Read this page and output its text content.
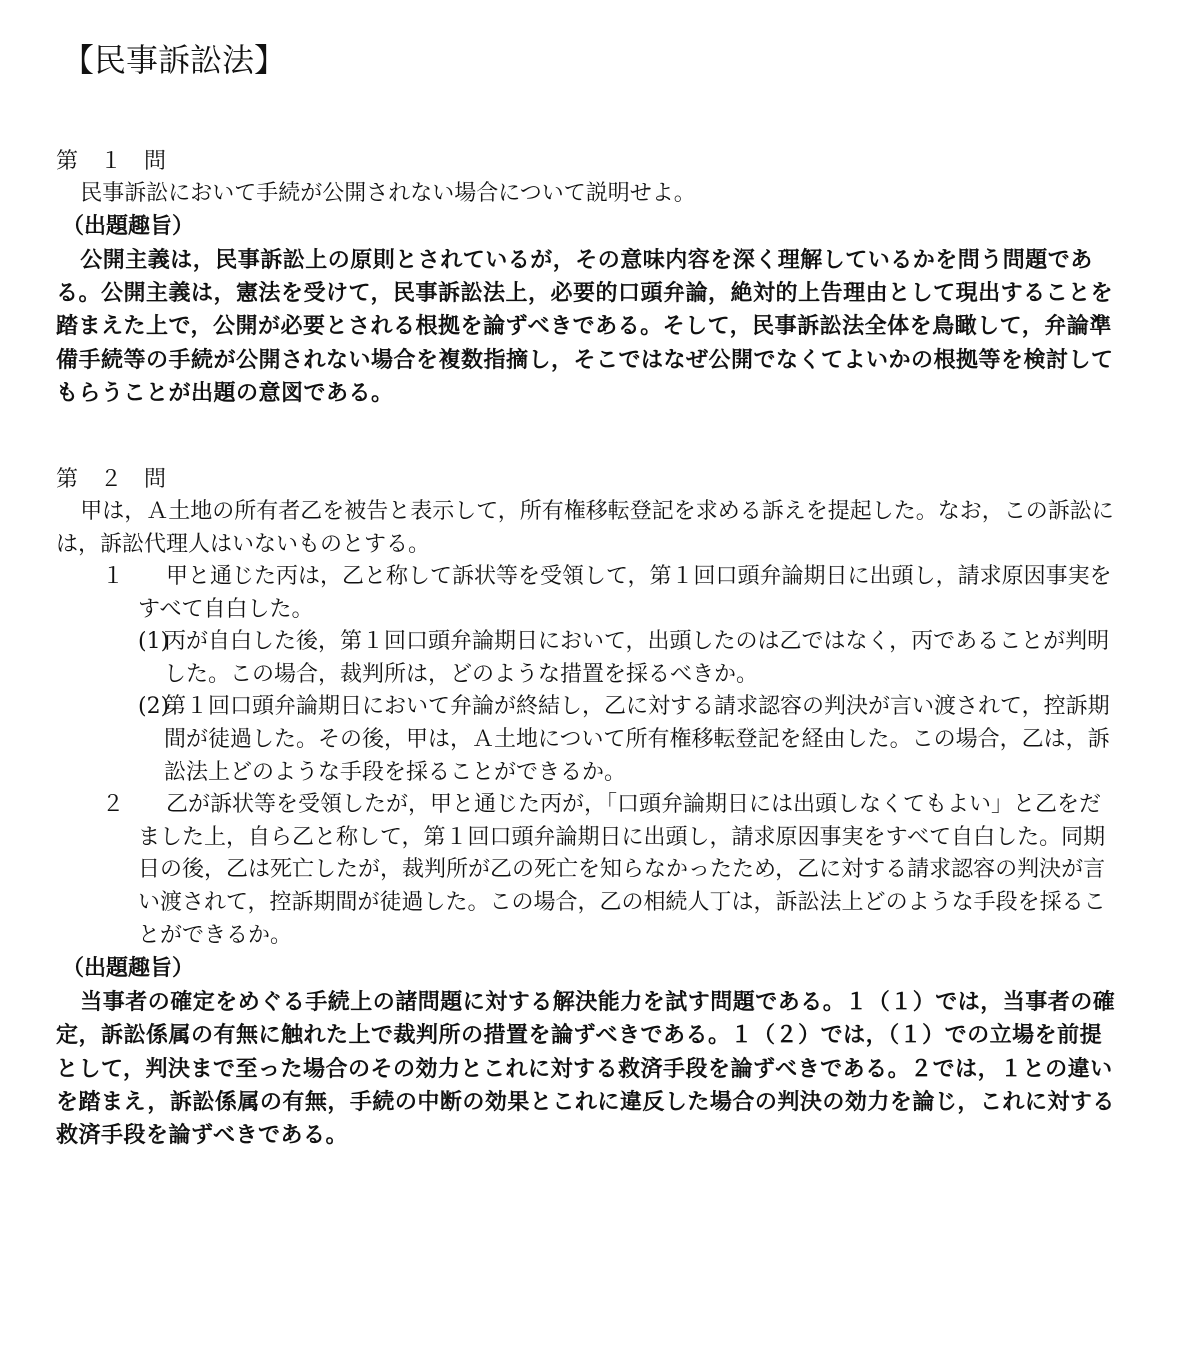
【民事訴訟法】

第　１　問

民事訴訟において手続が公開されない場合について説明せよ。

（出題趣旨）

公開主義は，民事訴訟上の原則とされているが，その意味内容を深く理解しているかを問う問題である。公開主義は，憲法を受けて，民事訴訟法上，必要的口頭弁論，絶対的上告理由として現出することを踏まえた上で，公開が必要とされる根拠を論ずべきである。そして，民事訴訟法全体を鳥瞰して，弁論準備手続等の手続が公開されない場合を複数指摘し，そこではなぜ公開でなくてよいかの根拠等を検討してもらうことが出題の意図である。

第　２　問

甲は，Ａ土地の所有者乙を被告と表示して，所有権移転登記を求める訴えを提起した。なお，この訴訟には，訴訟代理人はいないものとする。

１	甲と通じた丙は，乙と称して訴状等を受領して，第１回口頭弁論期日に出頭し，請求原因事実をすべて自白した。
(1)
丙が自白した後，第１回口頭弁論期日において，出頭したのは乙ではなく，丙であることが判明した。この場合，裁判所は，どのような措置を採るべきか。
(2)
第１回口頭弁論期日において弁論が終結し，乙に対する請求認容の判決が言い渡されて，控訴期間が徒過した。その後，甲は，Ａ土地について所有権移転登記を経由した。この場合，乙は，訴訟法上どのような手段を採ることができるか。
２	乙が訴状等を受領したが，甲と通じた丙が，「口頭弁論期日には出頭しなくてもよい」と乙をだました上，自ら乙と称して，第１回口頭弁論期日に出頭し，請求原因事実をすべて自白した。同期日の後，乙は死亡したが，裁判所が乙の死亡を知らなかったため，乙に対する請求認容の判決が言い渡されて，控訴期間が徒過した。この場合，乙の相続人丁は，訴訟法上どのような手段を採ることができるか。

（出題趣旨）

当事者の確定をめぐる手続上の諸問題に対する解決能力を試す問題である。１（１）では，当事者の確定，訴訟係属の有無に触れた上で裁判所の措置を論ずべきである。１（２）では，（１）での立場を前提として，判決まで至った場合のその効力とこれに対する救済手段を論ずべきである。２では，１との違いを踏まえ，訴訟係属の有無，手続の中断の効果とこれに違反した場合の判決の効力を論じ，これに対する救済手段を論ずべきである。
